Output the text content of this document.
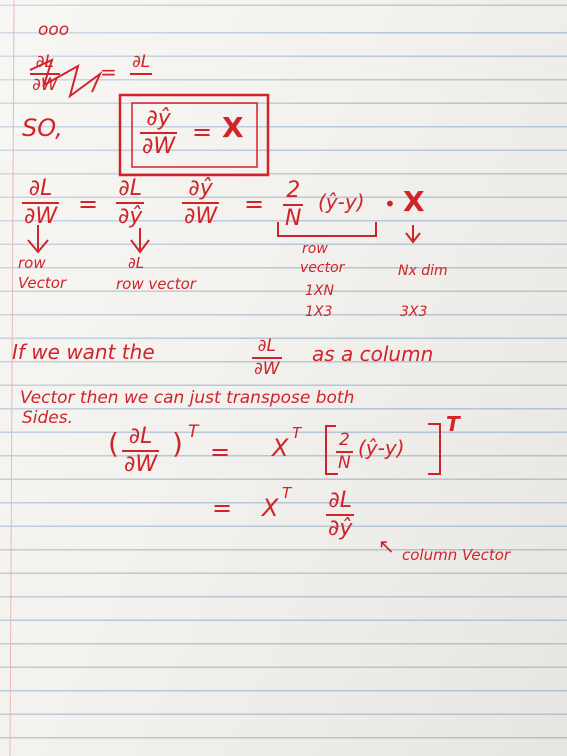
ooo
∂L
∂W
= ∂L
SO,	∂ŷ
∂W
= X
∂L
∂W =
∂L
∂ŷ
∂ŷ
∂W = 2
N
(ŷ-y) • X
row
Vector
∂L
row vector
row
vector
1XN
1X3
Nx dim
3X3
If we want the	∂L
∂W
as a column
Vector then we can just transpose both
Sides.
( ∂L
∂W
) T
= X
T 2
N
(ŷ-y)
T
= X
T ∂L
∂ŷ
↖ column Vector
